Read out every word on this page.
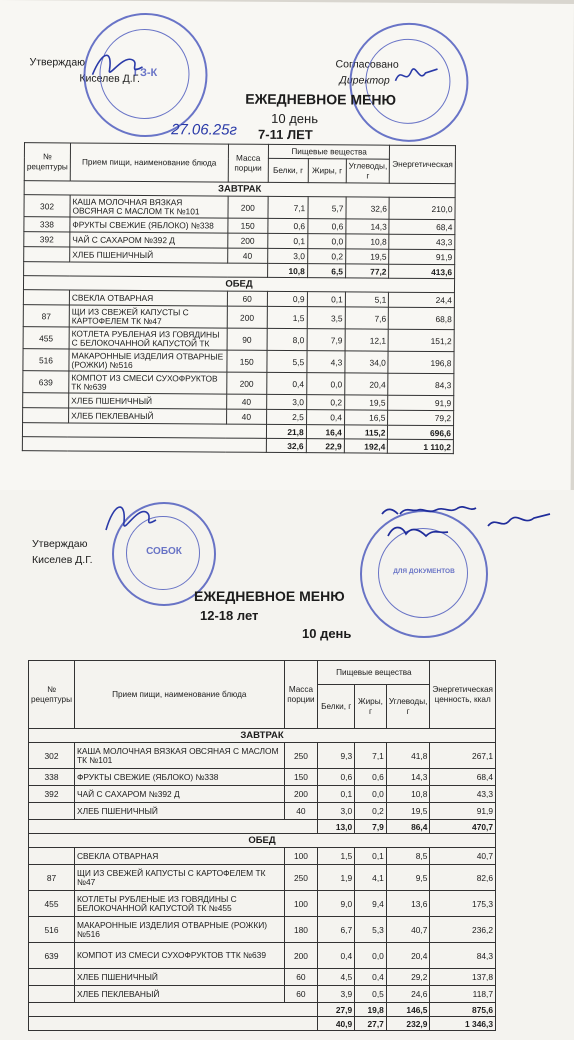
Утверждаю
Киселев Д.Г.
Согласовано
Директор
ГЗ-К
ЕЖЕДНЕВНОЕ МЕНЮ
10 день
27.06.25г 7-11 ЛЕТ
№ рецептуры	Прием пищи, наименование блюда	Масса порции	Пищевые вещества			Энергетическая
			Белки, г	Жиры, г	Углеводы, г	
ЗАВТРАК						
302	КАША МОЛОЧНАЯ ВЯЗКАЯ ОВСЯНАЯ С МАСЛОМ ТК №101	200	7,1	5,7	32,6	210,0
338	ФРУКТЫ СВЕЖИЕ (ЯБЛОКО) №338	150	0,6	0,6	14,3	68,4
392	ЧАЙ С САХАРОМ №392 Д	200	0,1	0,0	10,8	43,3
	ХЛЕБ ПШЕНИЧНЫЙ	40	3,0	0,2	19,5	91,9
			10,8	6,5	77,2	413,6
ОБЕД						
	СВЕКЛА ОТВАРНАЯ	60	0,9	0,1	5,1	24,4
87	ЩИ ИЗ СВЕЖЕЙ КАПУСТЫ С КАРТОФЕЛЕМ ТК №47	200	1,5	3,5	7,6	68,8
455	КОТЛЕТА РУБЛЕНАЯ ИЗ ГОВЯДИНЫ С БЕЛОКОЧАННОЙ КАПУСТОЙ ТК	90	8,0	7,9	12,1	151,2
516	МАКАРОННЫЕ ИЗДЕЛИЯ ОТВАРНЫЕ (РОЖКИ) №516	150	5,5	4,3	34,0	196,8
639	КОМПОТ ИЗ СМЕСИ СУХОФРУКТОВ ТК №639	200	0,4	0,0	20,4	84,3
	ХЛЕБ ПШЕНИЧНЫЙ	40	3,0	0,2	19,5	91,9
	ХЛЕБ ПЕКЛЕВАНЫЙ	40	2,5	0,4	16,5	79,2
			21,8	16,4	115,2	696,6
			32,6	22,9	192,4	1 110,2
СОБОК
ДЛЯ ДОКУМЕНТОВ
Утверждаю
Киселев Д.Г.
ЕЖЕДНЕВНОЕ МЕНЮ
12-18 лет
10 день
№ рецептуры	Прием пищи, наименование блюда	Масса порции	Пищевые вещества			Энергетическая ценность, ккал
			Белки, г	Жиры, г	Углеводы, г	
ЗАВТРАК						
302	КАША МОЛОЧНАЯ ВЯЗКАЯ ОВСЯНАЯ С МАСЛОМ ТК №101	250	9,3	7,1	41,8	267,1
338	ФРУКТЫ СВЕЖИЕ (ЯБЛОКО) №338	150	0,6	0,6	14,3	68,4
392	ЧАЙ С САХАРОМ №392 Д	200	0,1	0,0	10,8	43,3
	ХЛЕБ ПШЕНИЧНЫЙ	40	3,0	0,2	19,5	91,9
			13,0	7,9	86,4	470,7
ОБЕД						
	СВЕКЛА ОТВАРНАЯ	100	1,5	0,1	8,5	40,7
87	ЩИ ИЗ СВЕЖЕЙ КАПУСТЫ С КАРТОФЕЛЕМ ТК №47	250	1,9	4,1	9,5	82,6
455	КОТЛЕТЫ РУБЛЕНЫЕ ИЗ ГОВЯДИНЫ С БЕЛОКОЧАННОЙ КАПУСТОЙ ТК №455	100	9,0	9,4	13,6	175,3
516	МАКАРОННЫЕ ИЗДЕЛИЯ ОТВАРНЫЕ (РОЖКИ) №516	180	6,7	5,3	40,7	236,2
639	КОМПОТ ИЗ СМЕСИ СУХОФРУКТОВ ТТК №639	200	0,4	0,0	20,4	84,3
	ХЛЕБ ПШЕНИЧНЫЙ	60	4,5	0,4	29,2	137,8
	ХЛЕБ ПЕКЛЕВАНЫЙ	60	3,9	0,5	24,6	118,7
			27,9	19,8	146,5	875,6
			40,9	27,7	232,9	1 346,3
